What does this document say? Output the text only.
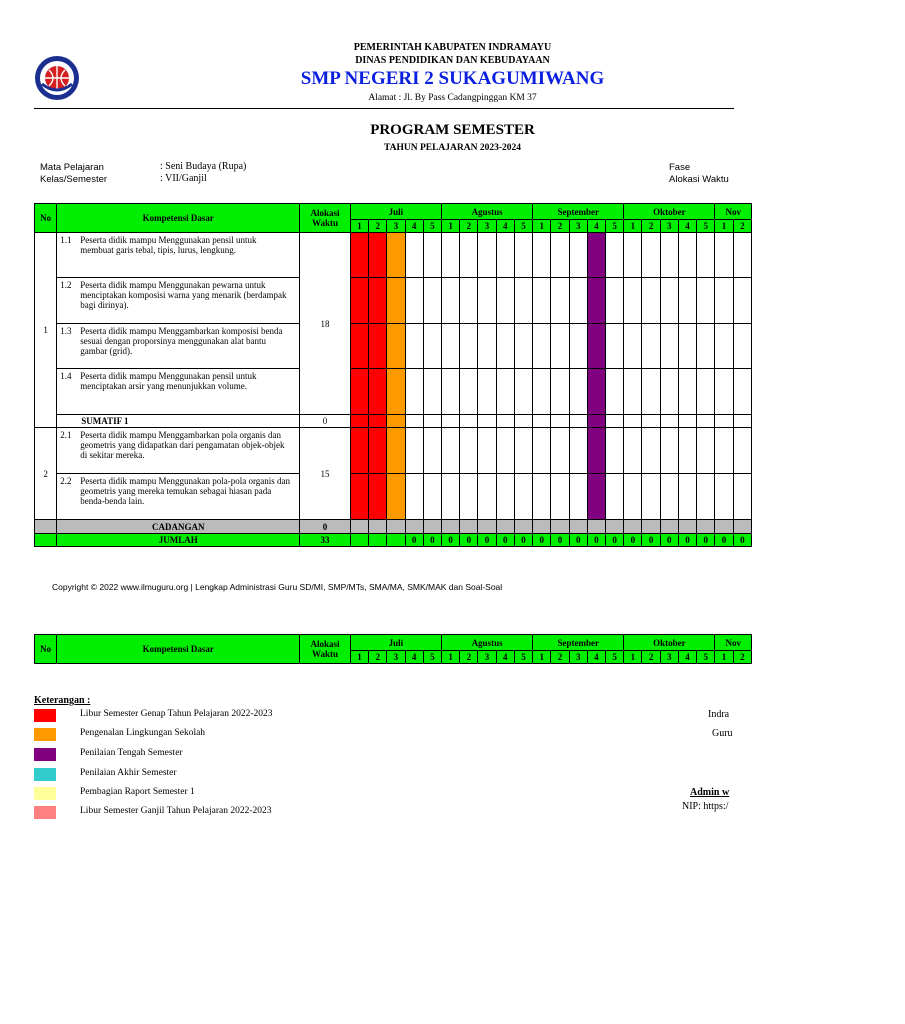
PEMERINTAH KABUPATEN INDRAMAYU
DINAS PENDIDIKAN DAN KEBUDAYAAN
SMP NEGERI 2 SUKAGUMIWANG
Alamat : Jl. By Pass Cadangpinggan KM 37
PROGRAM SEMESTER
TAHUN PELAJARAN 2023-2024
Mata Pelajaran	: Seni Budaya (Rupa)
Kelas/Semester	: VII/Ganjil
Fase
Alokasi Waktu
No	Kompetensi Dasar	Alokasi Waktu	Juli					Agustus					September					Oktober					Nov	
			1	2	3	4	5	1	2	3	4	5	1	2	3	4	5	1	2	3	4	5	1	2
1	1.1 Peserta didik mampu Menggunakan pensil untuk membuat garis tebal, tipis, lurus, lengkung.	18																						
	1.2 Peserta didik mampu Menggunakan pewarna untuk menciptakan komposisi warna yang menarik (berdampak bagi dirinya).																							
	1.3 Peserta didik mampu Menggambarkan komposisi benda sesuai dengan proporsinya menggunakan alat bantu gambar (grid).																							
	1.4 Peserta didik mampu Menggunakan pensil untuk menciptakan arsir yang menunjukkan volume.																							
	SUMATIF 1	0																						
2	2.1 Peserta didik mampu Menggambarkan pola organis dan geometris yang didapatkan dari pengamatan objek-objek di sekitar mereka.	15																						
	2.2 Peserta didik mampu Menggunakan pola-pola organis dan geometris yang mereka temukan sebagai hiasan pada benda-benda lain.																							
	CADANGAN	0																						
	JUMLAH	33				0	0	0	0	0	0	0	0	0	0	0	0	0	0	0	0	0	0	0
Copyright © 2022 www.ilmuguru.org | Lengkap Administrasi Guru SD/MI, SMP/MTs, SMA/MA, SMK/MAK dan Soal-Soal
No	Kompetensi Dasar	Alokasi Waktu	Juli					Agustus					September					Oktober					Nov	
			1	2	3	4	5	1	2	3	4	5	1	2	3	4	5	1	2	3	4	5	1	2
Keterangan :
Libur Semester Genap Tahun Pelajaran 2022-2023
Pengenalan Lingkungan Sekolah
Penilaian Tengah Semester
Penilaian Akhir Semester
Pembagian Raport Semester 1
Libur Semester Ganjil Tahun Pelajaran 2022-2023
Indra
Guru
Admin w
NIP: https:/
